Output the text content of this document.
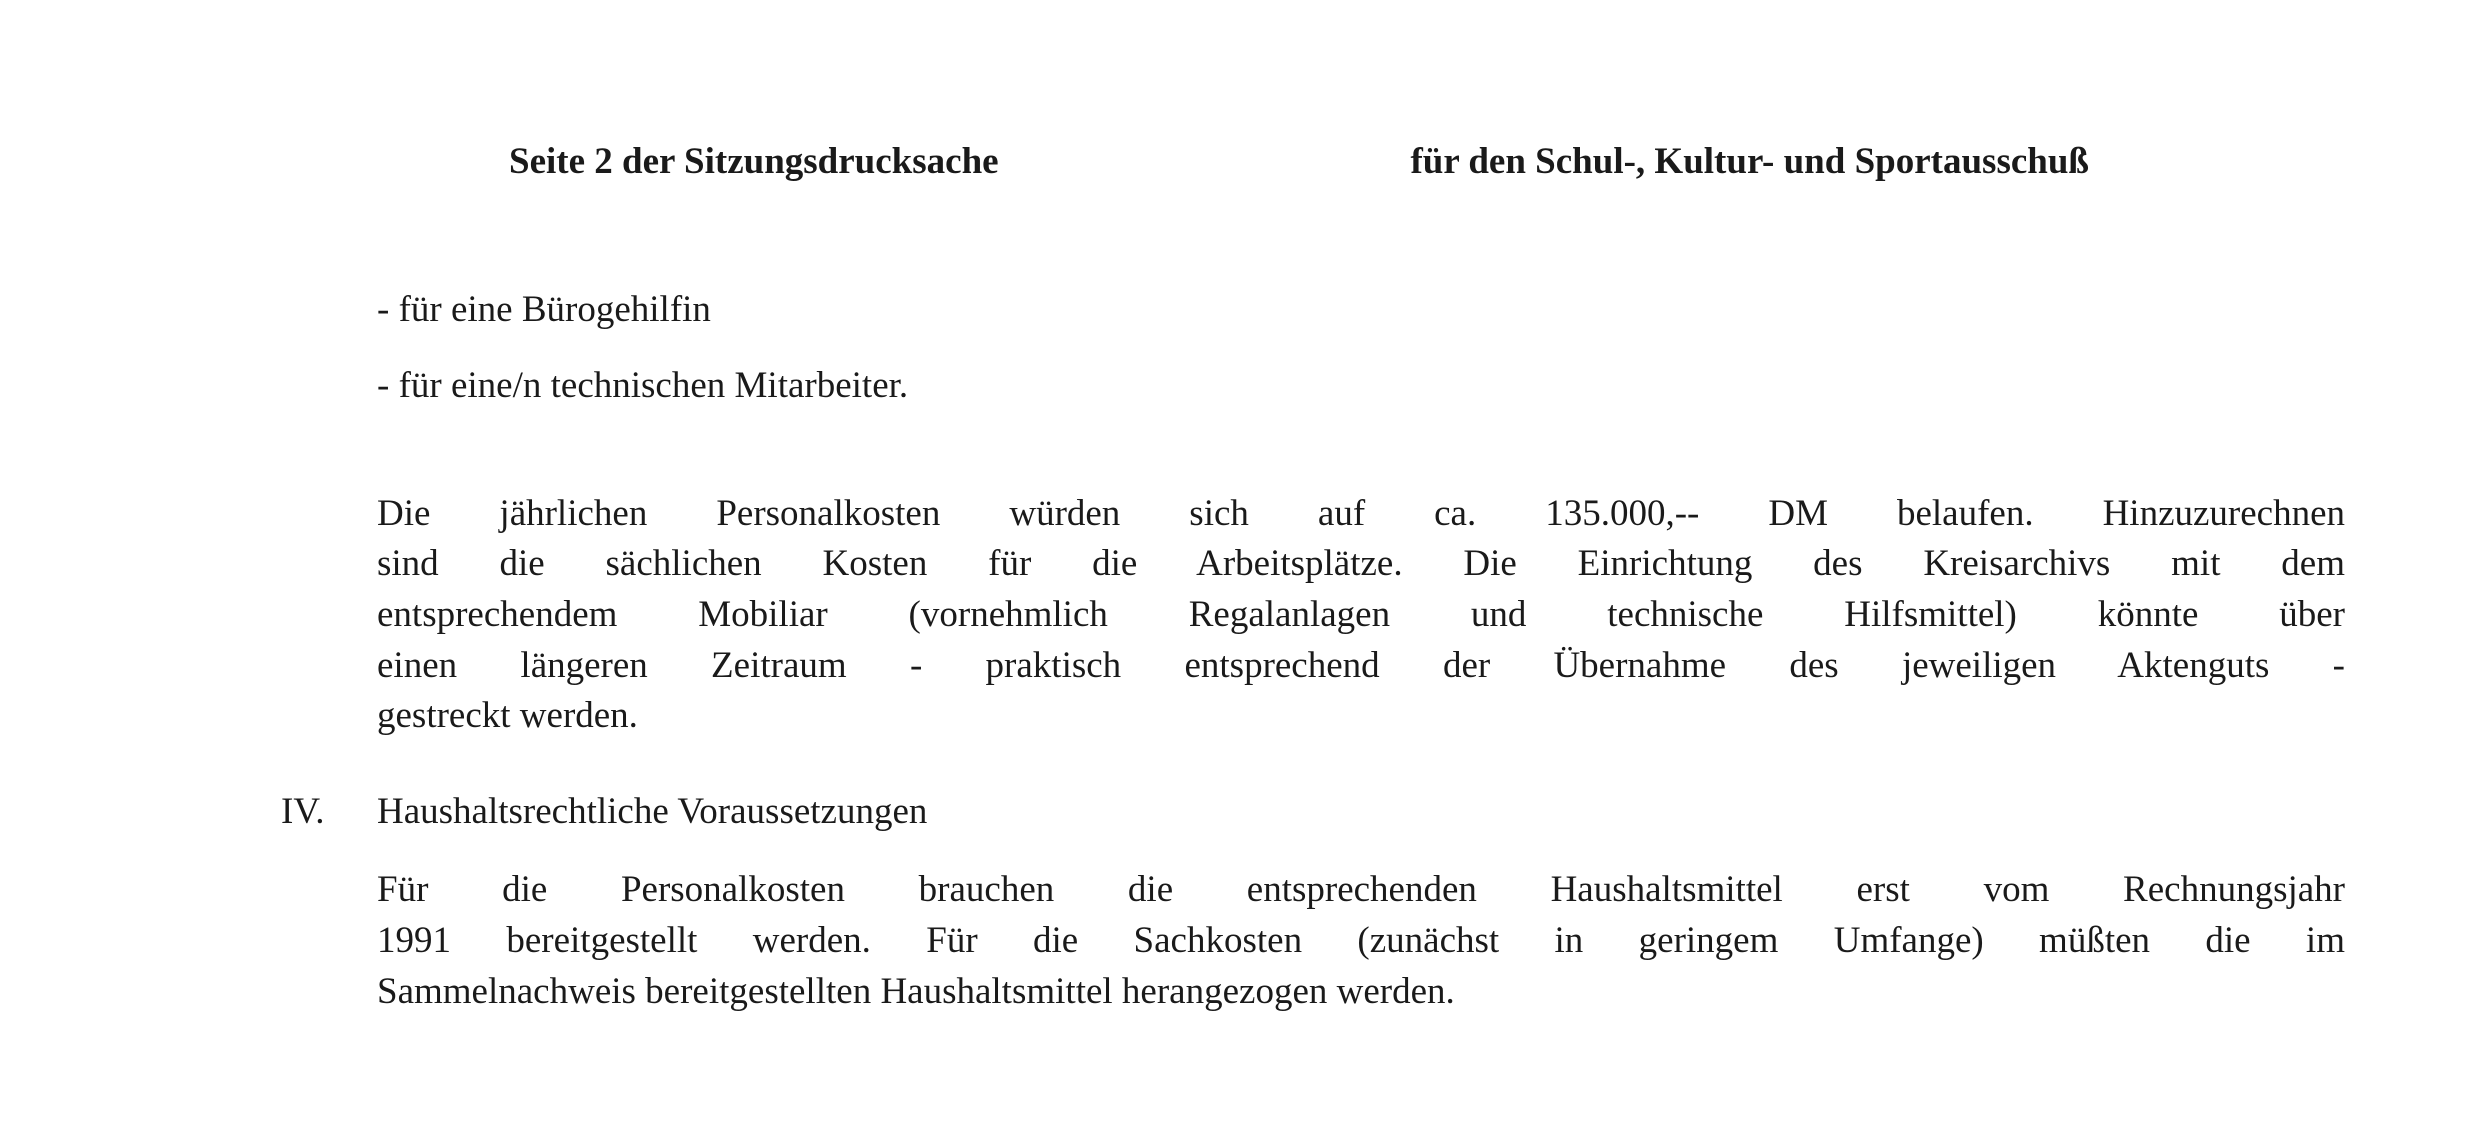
Seite 2 der Sitzungsdrucksache	für den Schul-, Kultur- und Sportausschuß
- für eine Bürogehilfin
- für eine/n technischen Mitarbeiter.
Die jährlichen Personalkosten würden sich auf ca. 135.000,-- DM belaufen. Hinzuzurechnen
sind die sächlichen Kosten für die Arbeitsplätze. Die Einrichtung des Kreisarchivs mit dem
entsprechendem Mobiliar (vornehmlich Regalanlagen und technische Hilfsmittel) könnte über
einen längeren Zeitraum - praktisch entsprechend der Übernahme des jeweiligen Aktenguts -
gestreckt werden.
IV. Haushaltsrechtliche Voraussetzungen
Für die Personalkosten brauchen die entsprechenden Haushaltsmittel erst vom Rechnungsjahr
1991 bereitgestellt werden. Für die Sachkosten (zunächst in geringem Umfange) müßten die im
Sammelnachweis bereitgestellten Haushaltsmittel herangezogen werden.
